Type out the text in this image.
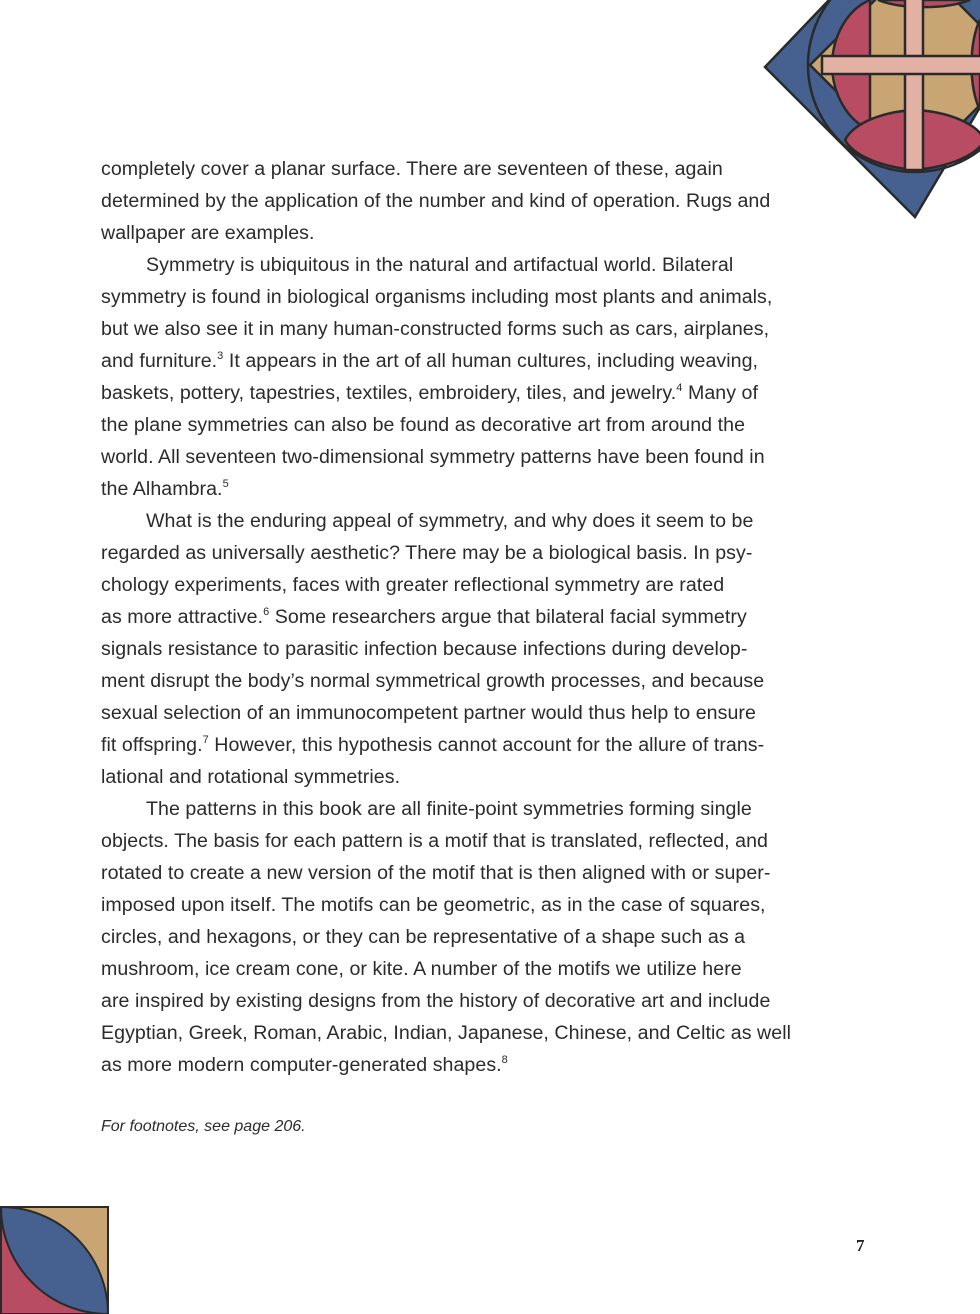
completely cover a planar surface. There are seventeen of these, again
determined by the application of the number and kind of operation. Rugs and
wallpaper are examples.

Symmetry is ubiquitous in the natural and artifactual world. Bilateral
symmetry is found in biological organisms including most plants and animals,
but we also see it in many human-constructed forms such as cars, airplanes,
and furniture.$^3$ It appears in the art of all human cultures, including weaving,
baskets, pottery, tapestries, textiles, embroidery, tiles, and jewelry.$^4$ Many of
the plane symmetries can also be found as decorative art from around the
world. All seventeen two-dimensional symmetry patterns have been found in
the Alhambra.$^5$

What is the enduring appeal of symmetry, and why does it seem to be
regarded as universally aesthetic? There may be a biological basis. In psy-
chology experiments, faces with greater reflectional symmetry are rated
as more attractive.$^6$ Some researchers argue that bilateral facial symmetry
signals resistance to parasitic infection because infections during develop-
ment disrupt the body’s normal symmetrical growth processes, and because
sexual selection of an immunocompetent partner would thus help to ensure
fit offspring.$^7$ However, this hypothesis cannot account for the allure of trans-
lational and rotational symmetries.

The patterns in this book are all finite-point symmetries forming single
objects. The basis for each pattern is a motif that is translated, reflected, and
rotated to create a new version of the motif that is then aligned with or super-
imposed upon itself. The motifs can be geometric, as in the case of squares,
circles, and hexagons, or they can be representative of a shape such as a
mushroom, ice cream cone, or kite. A number of the motifs we utilize here
are inspired by existing designs from the history of decorative art and include
Egyptian, Greek, Roman, Arabic, Indian, Japanese, Chinese, and Celtic as well
as more modern computer-generated shapes.$^8$

For footnotes, see page 206.
7
